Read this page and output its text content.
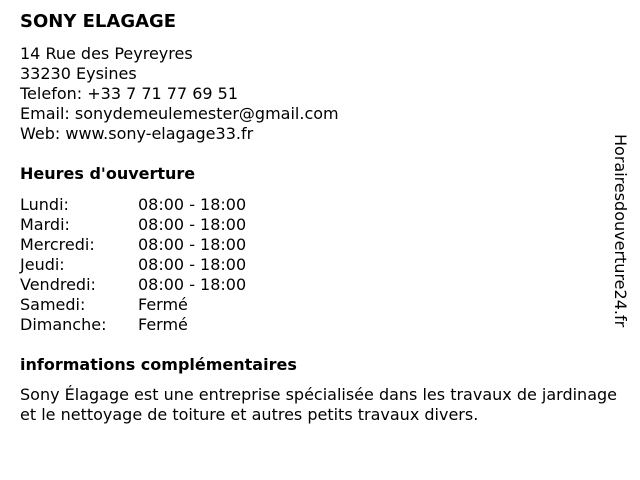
SONY ELAGAGE
14 Rue des Peyreyres
33230 Eysines
Telefon: +33 7 71 77 69 51
Email: sonydemeulemester@gmail.com
Web: www.sony-elagage33.fr
Heures d'ouverture
Lundi:	08:00 - 18:00
Mardi:	08:00 - 18:00
Mercredi:	08:00 - 18:00
Jeudi:	08:00 - 18:00
Vendredi:	08:00 - 18:00
Samedi:	Fermé
Dimanche: Fermé
informations complémentaires
Sony Élagage est une entreprise spécialisée dans les travaux de jardinage et le nettoyage de toiture et autres petits travaux divers.
Horairesdouverture24.fr
